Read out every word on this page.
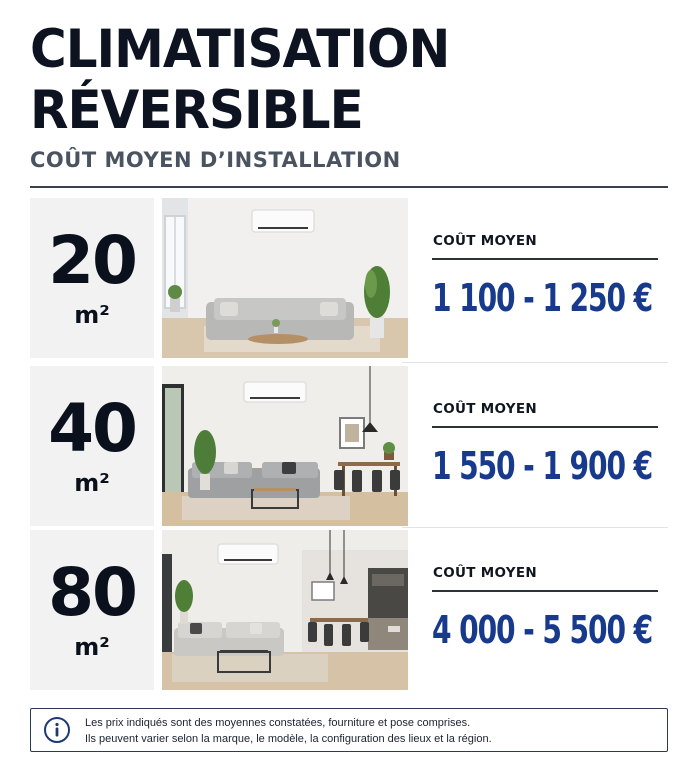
CLIMATISATION
RÉVERSIBLE
COÛT MOYEN D’INSTALLATION
20
m²
COÛT MOYEN
1 100 - 1 250 €
40
m²
COÛT MOYEN
1 550 - 1 900 €
80
m²
COÛT MOYEN
4 000 - 5 500 €
Les prix indiqués sont des moyennes constatées, fourniture et pose comprises.
Ils peuvent varier selon la marque, le modèle, la configuration des lieux et la région.
